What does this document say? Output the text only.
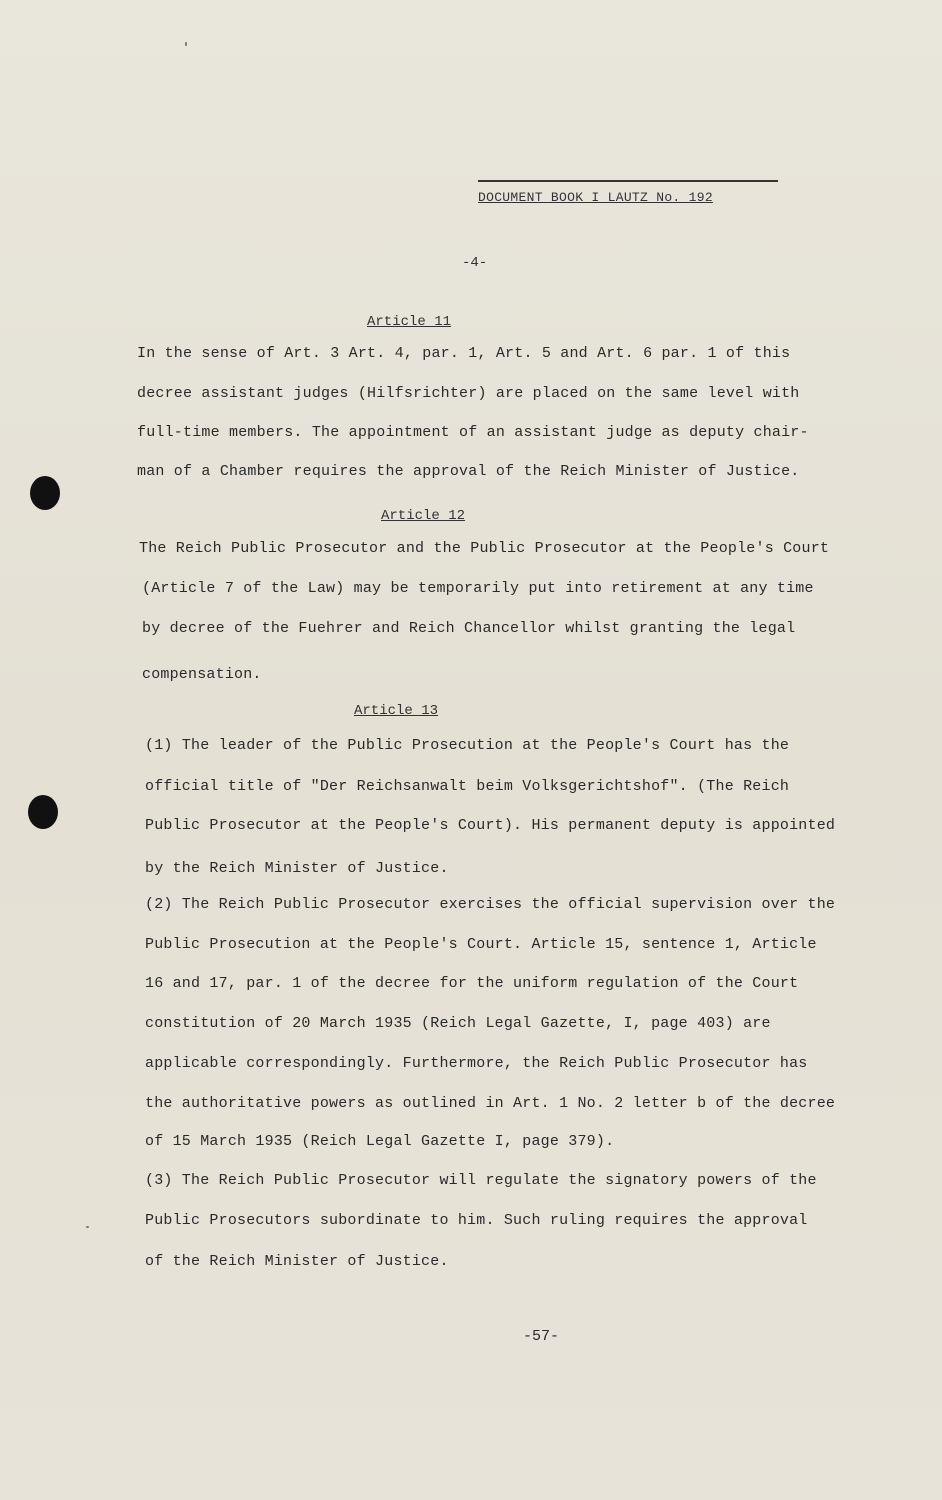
DOCUMENT BOOK I LAUTZ No. 192
-4-
Article 11
In the sense of Art. 3 Art. 4, par. 1, Art. 5 and Art. 6 par. 1 of this
decree assistant judges (Hilfsrichter) are placed on the same level with
full-time members. The appointment of an assistant judge as deputy chair-
man of a Chamber requires the approval of the Reich Minister of Justice.
Article 12
The Reich Public Prosecutor and the Public Prosecutor at the People's Court
(Article 7 of the Law) may be temporarily put into retirement at any time
by decree of the Fuehrer and Reich Chancellor whilst granting the legal
compensation.
Article 13
(1) The leader of the Public Prosecution at the People's Court has the
official title of "Der Reichsanwalt beim Volksgerichtshof". (The Reich
Public Prosecutor at the People's Court). His permanent deputy is appointed
by the Reich Minister of Justice.
(2) The Reich Public Prosecutor exercises the official supervision over the
Public Prosecution at the People's Court. Article 15, sentence 1, Article
16 and 17, par. 1 of the decree for the uniform regulation of the Court
constitution of 20 March 1935 (Reich Legal Gazette, I, page 403) are
applicable correspondingly. Furthermore, the Reich Public Prosecutor has
the authoritative powers as outlined in Art. 1 No. 2 letter b of the decree
of 15 March 1935 (Reich Legal Gazette I, page 379).
(3) The Reich Public Prosecutor will regulate the signatory powers of the
Public Prosecutors subordinate to him. Such ruling requires the approval
of the Reich Minister of Justice.
-57-
